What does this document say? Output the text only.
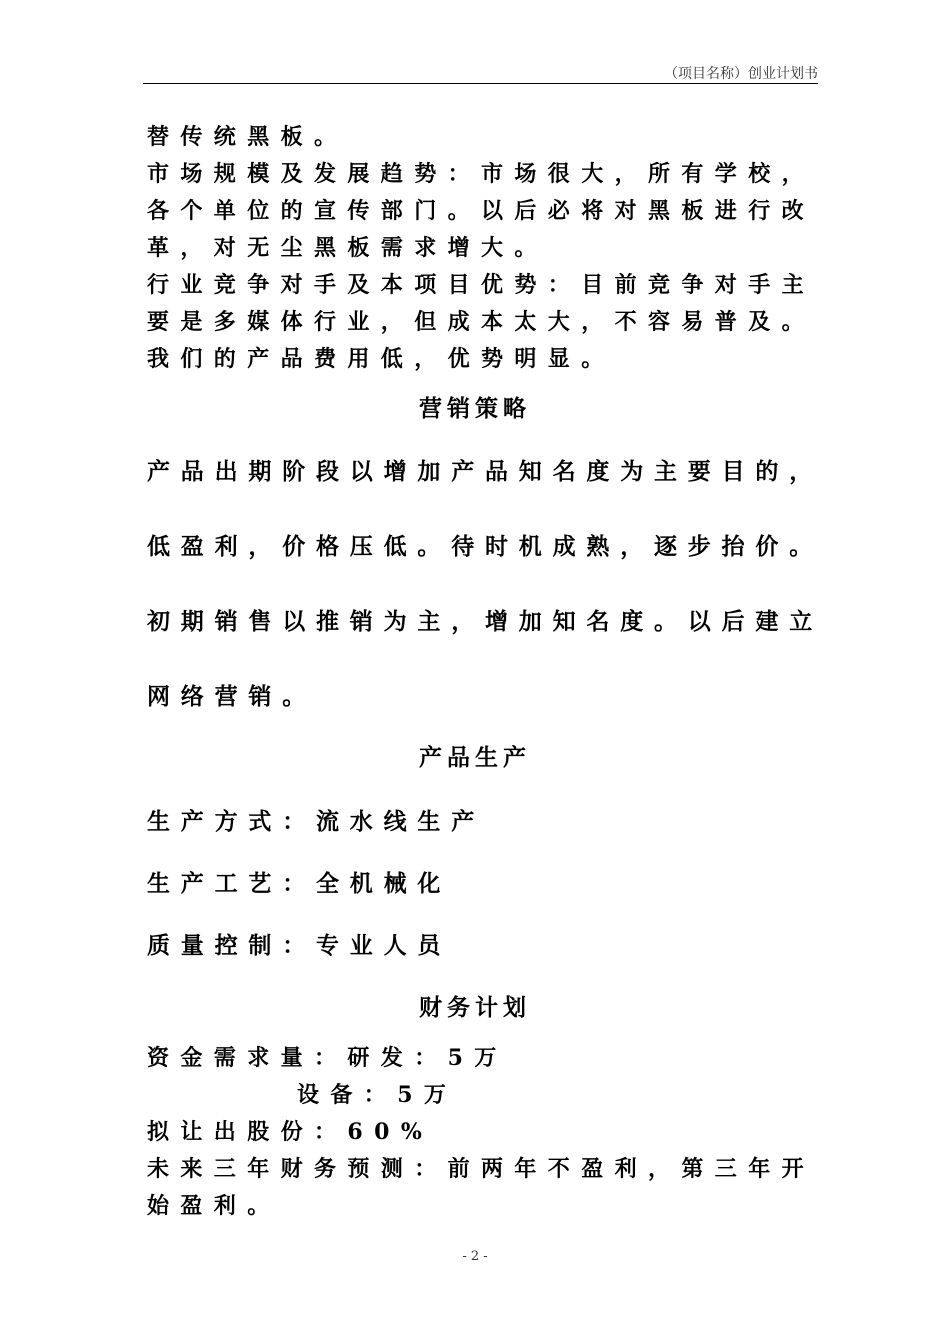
（项目名称）创业计划书
替传统黑板。
市场规模及发展趋势：市场很大，所有学校，
各个单位的宣传部门。以后必将对黑板进行改
革，对无尘黑板需求增大。
行业竞争对手及本项目优势：目前竞争对手主
要是多媒体行业，但成本太大，不容易普及。
我们的产品费用低，优势明显。
营销策略
产品出期阶段以增加产品知名度为主要目的，
低盈利，价格压低。待时机成熟，逐步抬价。
初期销售以推销为主，增加知名度。以后建立
网络营销。
产品生产
生产方式：流水线生产
生产工艺：全机械化
质量控制：专业人员
财务计划
资金需求量：研发：5万
设备：5万
拟让出股份：60%
未来三年财务预测：前两年不盈利，第三年开
始盈利。
- 2 -
